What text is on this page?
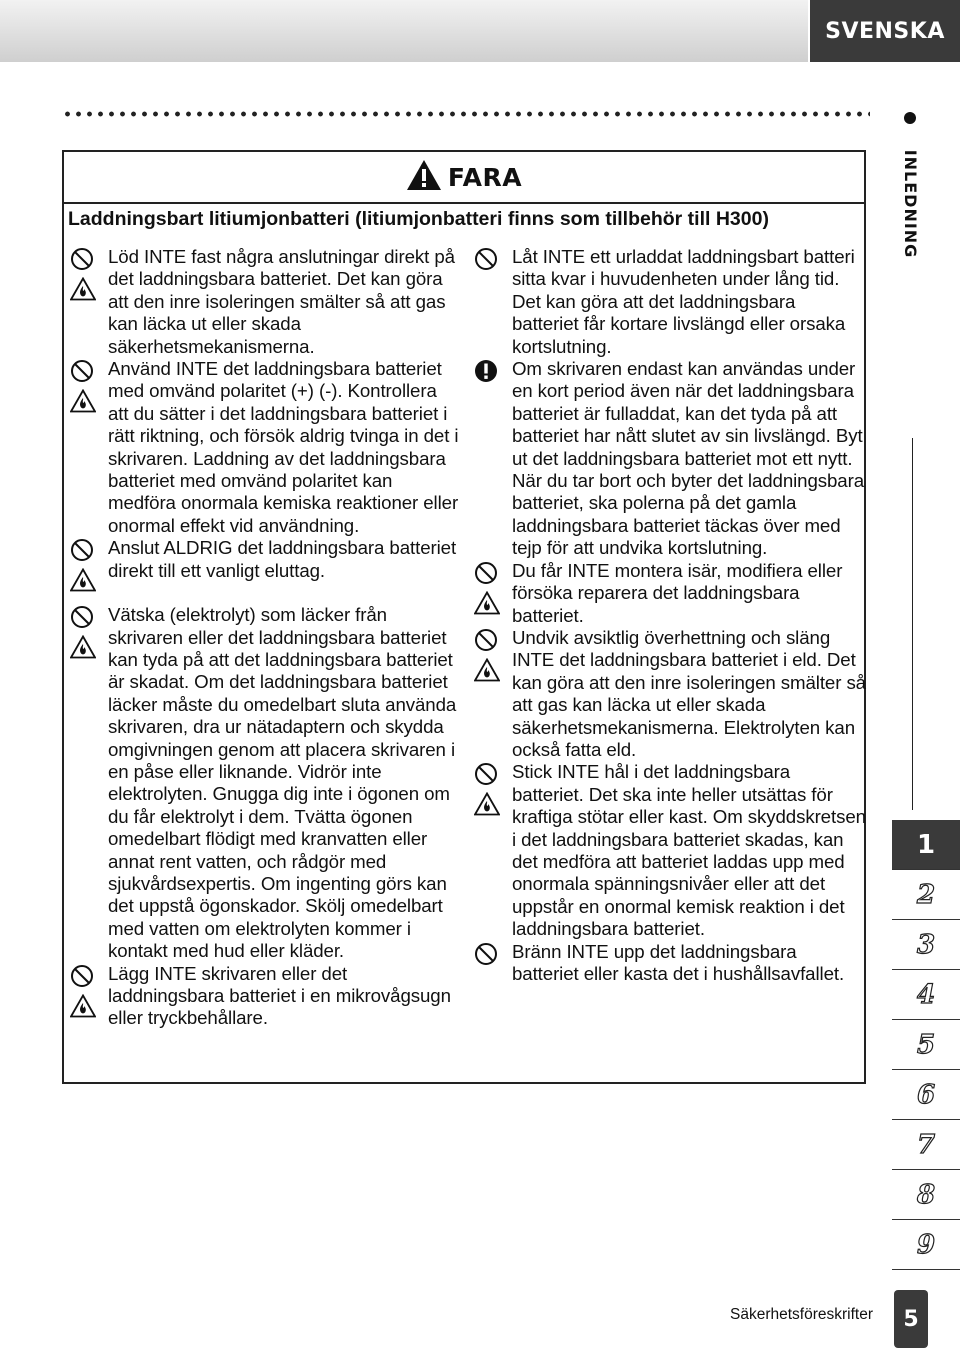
SVENSKA
INLEDNING
1
2
3
4
5
6
7
8
9
FARA
Laddningsbart litiumjonbatteri (litiumjonbatteri finns som tillbehör till H300)

Löd INTE fast några anslutningar direkt på det laddningsbara batteriet. Det kan göra att den inre isoleringen smälter så att gas kan läcka ut eller skada säkerhetsmekanismerna.

Använd INTE det laddningsbara batteriet med omvänd polaritet (+) (-). Kontrollera att du sätter i det laddningsbara batteriet i rätt riktning, och försök aldrig tvinga in det i skrivaren. Laddning av det laddningsbara batteriet med omvänd polaritet kan medföra onormala kemiska reaktioner eller onormal effekt vid användning.

Anslut ALDRIG det laddningsbara batteriet direkt till ett vanligt eluttag.

Vätska (elektrolyt) som läcker från skrivaren eller det laddningsbara batteriet kan tyda på att det laddningsbara batteriet är skadat. Om det laddningsbara batteriet läcker måste du omedelbart sluta använda skrivaren, dra ur nätadaptern och skydda omgivningen genom att placera skrivaren i en påse eller liknande. Vidrör inte elektrolyten. Gnugga dig inte i ögonen om du får elektrolyt i dem. Tvätta ögonen omedelbart flödigt med kranvatten eller annat rent vatten, och rådgör med sjukvårdsexpertis. Om ingenting görs kan det uppstå ögonskador. Skölj omedelbart med vatten om elektrolyten kommer i kontakt med hud eller kläder.

Lägg INTE skrivaren eller det laddningsbara batteriet i en mikrovågsugn eller tryckbehållare.

Låt INTE ett urladdat laddningsbart batteri sitta kvar i huvudenheten under lång tid. Det kan göra att det laddningsbara batteriet får kortare livslängd eller orsaka kortslutning.

Om skrivaren endast kan användas under en kort period även när det laddningsbara batteriet är fulladdat, kan det tyda på att batteriet har nått slutet av sin livslängd. Byt ut det laddningsbara batteriet mot ett nytt. När du tar bort och byter det laddningsbara batteriet, ska polerna på det gamla laddningsbara batteriet täckas över med tejp för att undvika kortslutning.

Du får INTE montera isär, modifiera eller försöka reparera det laddningsbara batteriet.

Undvik avsiktlig överhettning och släng INTE det laddningsbara batteriet i eld. Det kan göra att den inre isoleringen smälter så att gas kan läcka ut eller skada säkerhetsmekanismerna. Elektrolyten kan också fatta eld.

Stick INTE hål i det laddningsbara batteriet. Det ska inte heller utsättas för kraftiga stötar eller kast. Om skyddskretsen i det laddningsbara batteriet skadas, kan det medföra att batteriet laddas upp med onormala spänningsnivåer eller att det uppstår en onormal kemisk reaktion i det laddningsbara batteriet.

Bränn INTE upp det laddningsbara batteriet eller kasta det i hushållsavfallet.

Säkerhetsföreskrifter	5
